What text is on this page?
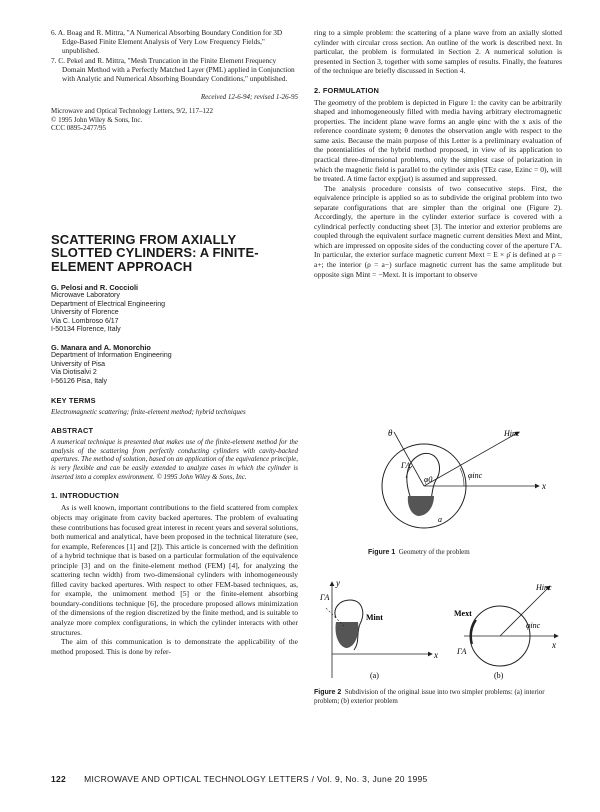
6. A. Boag and R. Mittra, "A Numerical Absorbing Boundary Condition for 3D Edge-Based Finite Element Analysis of Very Low Frequency Fields," unpublished.

7. C. Pekel and R. Mittra, "Mesh Truncation in the Finite Element Frequency Domain Method with a Perfectly Matched Layer (PML) applied in Conjunction with Analytic and Numerical Absorbing Boundary Conditions," unpublished.

Received 12-6-94; revised 1-26-95

Microwave and Optical Technology Letters, 9/2, 117–122

© 1995 John Wiley & Sons, Inc.

CCC 0895-2477/95

SCATTERING FROM AXIALLY SLOTTED CYLINDERS: A FINITE-ELEMENT APPROACH

G. Pelosi and R. Coccioli

Microwave Laboratory
Department of Electrical Engineering
University of Florence
Via C. Lombroso 6/17
I-50134 Florence, Italy

G. Manara and A. Monorchio

Department of Information Engineering
University of Pisa
Via Diotisalvi 2
I-56126 Pisa, Italy

KEY TERMS

Electromagnetic scattering; finite-element method; hybrid techniques

ABSTRACT

A numerical technique is presented that makes use of the finite-element method for the analysis of the scattering from perfectly conducting cylinders with cavity-backed apertures. The method of solution, based on an application of the equivalence principle, is very flexible and can be easily extended to analyze cases in which the cylinder is inserted into a complex environment. © 1995 John Wiley & Sons, Inc.

1. INTRODUCTION

As is well known, important contributions to the field scattered from complex objects may originate from cavity backed apertures. The problem of evaluating these contributions has focused great interest in recent years and several solutions, both numerical and analytical, have been proposed in the technical literature (see, for example, References [1] and [2]). This article is concerned with the definition of a hybrid technique that is based on a particular formulation of the equivalence principle [3] and on the finite-element method (FEM) [4], for analyzing the scattering techn width) from two-dimensional cylinders with inhomogeneously filled cavity backed apertures. With respect to other FEM-based techniques, as, for example, the unimoment method [5] or the finite-element absorbing boundary-conditions technique [6], the procedure proposed allows minimization of the dimensions of the region discretized by the finite method, and is suitable to analyze more complex configurations, in which the cylinder interacts with other structures.

The aim of this communication is to demonstrate the applicability of the method proposed. This is done by refer-

ring to a simple problem: the scattering of a plane wave from an axially slotted cylinder with circular cross section. An outline of the work is described next. In particular, the problem is formulated in Section 2. A numerical solution is presented in Section 3, together with some samples of results. Finally, the features of the technique are briefly discussed in Section 4.

2. FORMULATION

The geometry of the problem is depicted in Figure 1: the cavity can be arbitrarily shaped and inhomogeneously filled with media having arbitrary electromagnetic properties. The incident plane wave forms an angle φinc with the x axis of the reference coordinate system; θ denotes the observation angle with respect to the same axis. Because the main purpose of this Letter is a preliminary evaluation of the potentialities of the hybrid method proposed, in view of its application to practical three-dimensional problems, only the simplest case of polarization in which the magnetic field is parallel to the cylinder axis (TEz case, Ezinc = 0), will be treated. A time factor exp(jωt) is assumed and suppressed.

The analysis procedure consists of two consecutive steps. First, the equivalence principle is applied so as to subdivide the original problem into two separate configurations that are simpler than the original one (Figure 2). Accordingly, the aperture in the cylinder exterior surface is covered with a cylindrical perfectly conducting sheet [3]. The interior and exterior problems are coupled through the equivalent surface magnetic current densities Mext and Mint, which are impressed on opposite sides of the conducting cover of the aperture ΓA. In particular, the exterior surface magnetic current Mext = E × ρ̂ is defined at ρ = a+; the interior (ρ = a−) surface magnetic current has the same amplitude but opposite sign Mint = −Mext. It is important to observe

θ	Hinc
ΓA
φ0	φinc
x
a
Figure 1 Geometry of the problem
ΓA
Mint
x
y
Mext
ΓA
Hinc
φinc
x
(a)	(b)
Figure 2 Subdivision of the original issue into two simpler problems: (a) interior problem; (b) exterior problem
122 MICROWAVE AND OPTICAL TECHNOLOGY LETTERS / Vol. 9, No. 3, June 20 1995
